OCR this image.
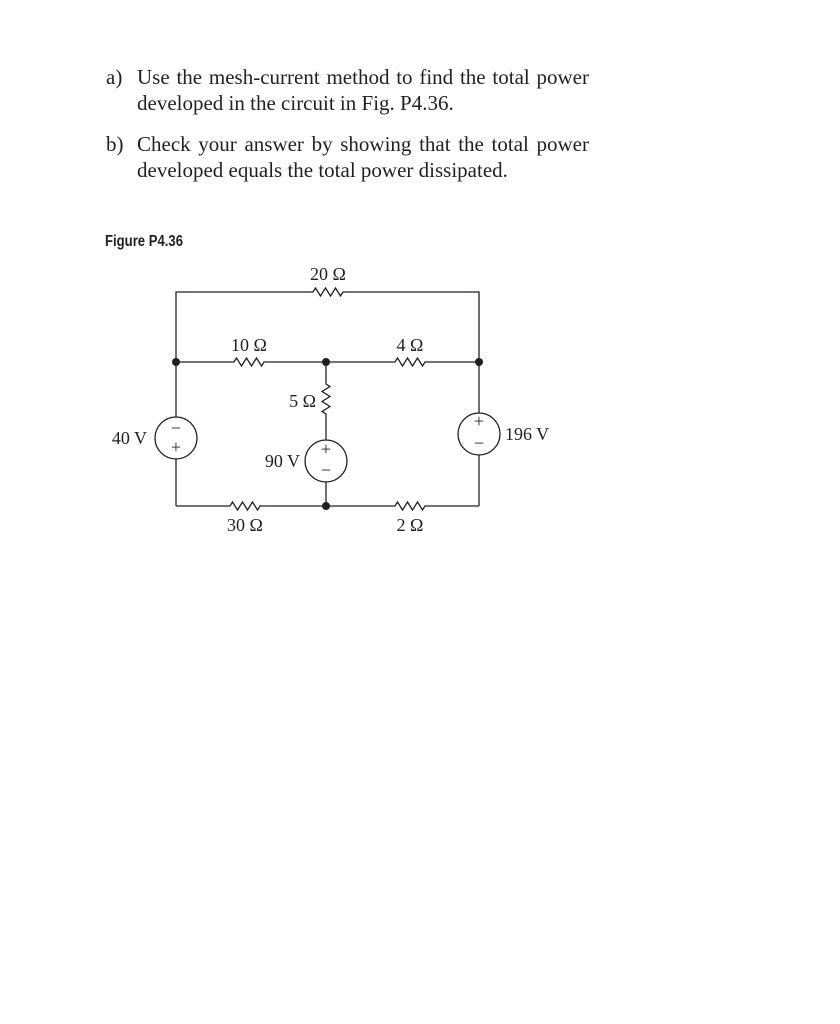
a) Use the mesh-current method to find the total power developed in the circuit in Fig. P4.36.
b) Check your answer by showing that the total power developed equals the total power dissipated.
Figure P4.36
−
+	+
−
+
−
20 Ω
10 Ω	4 Ω
5 Ω
30 Ω	2 Ω
40 V
90 V
196 V
